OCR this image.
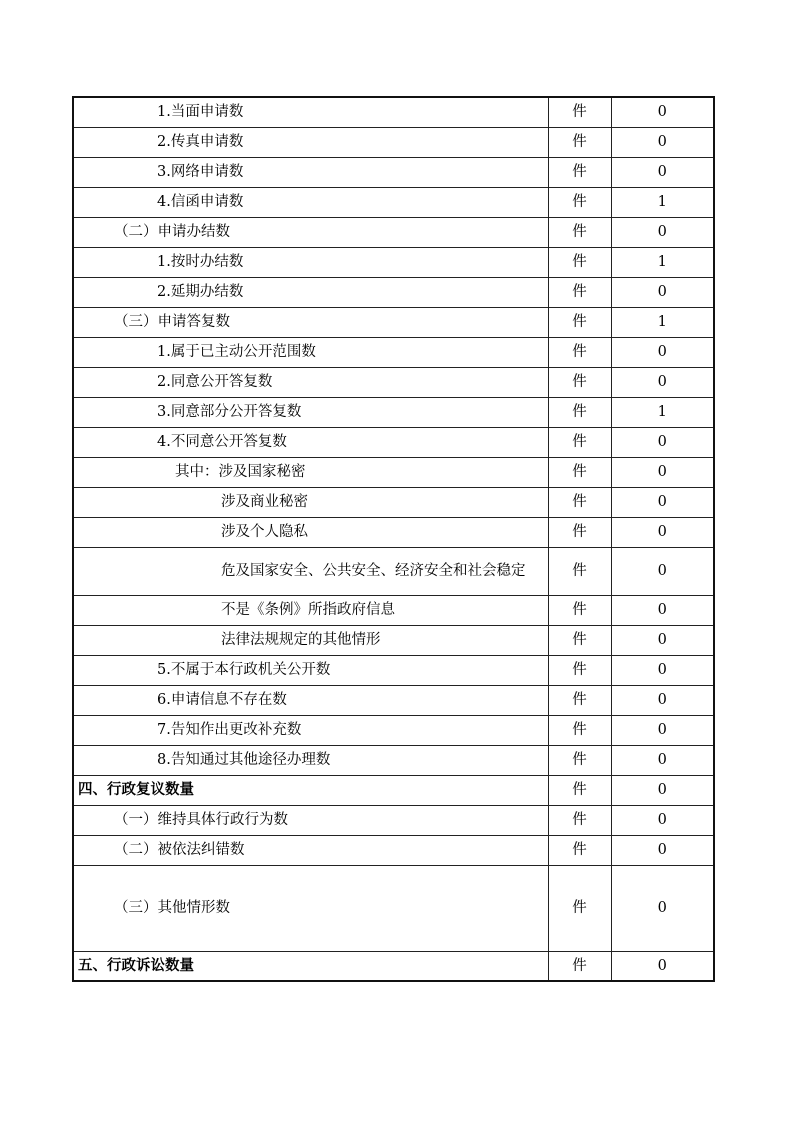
1.当面申请数	件	0

2.传真申请数	件	0

3.网络申请数	件	0

4.信函申请数	件	1

（二）申请办结数	件	0

1.按时办结数	件	1

2.延期办结数	件	0

（三）申请答复数	件	1

1.属于已主动公开范围数	件	0

2.同意公开答复数	件	0

3.同意部分公开答复数	件	1

4.不同意公开答复数	件	0

其中：涉及国家秘密	件	0

涉及商业秘密	件	0

涉及个人隐私	件	0

危及国家安全、公共安全、经济安全和社会稳定	件	0

不是《条例》所指政府信息	件	0

法律法规规定的其他情形	件	0

5.不属于本行政机关公开数	件	0

6.申请信息不存在数	件	0

7.告知作出更改补充数	件	0

8.告知通过其他途径办理数	件	0

四、行政复议数量	件	0

（一）维持具体行政行为数	件	0

（二）被依法纠错数	件	0

（三）其他情形数	件	0

五、行政诉讼数量	件	0
